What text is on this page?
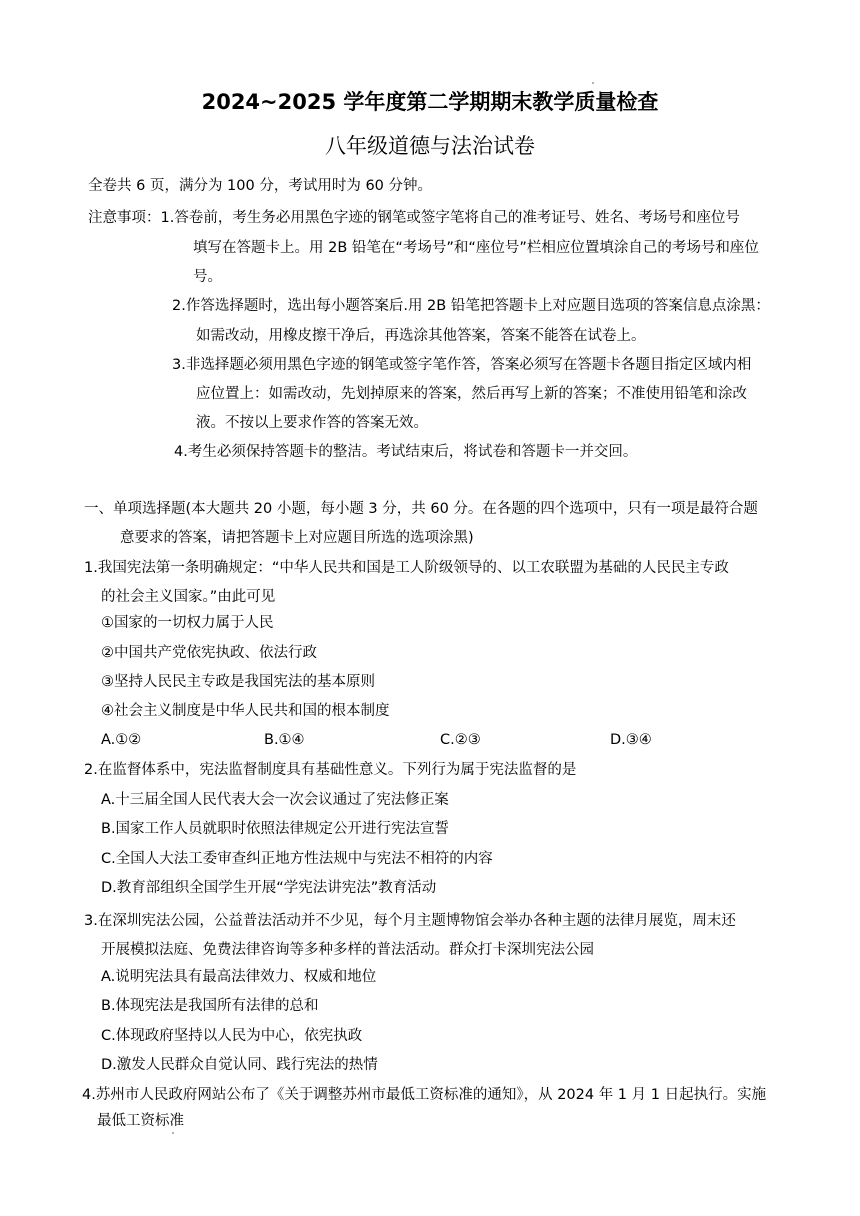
2024~2025 学年度第二学期期末教学质量检查
八年级道德与法治试卷
全卷共 6 页，满分为 100 分，考试用时为 60 分钟。
注意事项：1.答卷前，考生务必用黑色字迹的钢笔或签字笔将自己的准考证号、姓名、考场号和座位号
填写在答题卡上。用 2B 铅笔在“考场号”和“座位号”栏相应位置填涂自己的考场号和座位
号。
2.作答选择题时，选出每小题答案后.用 2B 铅笔把答题卡上对应题目选项的答案信息点涂黑：
如需改动，用橡皮擦干净后，再选涂其他答案，答案不能答在试卷上。
3.非选择题必须用黑色字迹的钢笔或签字笔作答，答案必须写在答题卡各题目指定区域内相
应位置上：如需改动，先划掉原来的答案，然后再写上新的答案；不准使用铅笔和涂改
液。不按以上要求作答的答案无效。
4.考生必须保持答题卡的整洁。考试结束后，将试卷和答题卡一并交回。
一、单项选择题(本大题共 20 小题，每小题 3 分，共 60 分。在各题的四个选项中，只有一项是最符合题
意要求的答案，请把答题卡上对应题目所选的选项涂黑)
1.我国宪法第一条明确规定：“中华人民共和国是工人阶级领导的、以工农联盟为基础的人民民主专政
的社会主义国家。”由此可见
①国家的一切权力属于人民
②中国共产党依宪执政、依法行政
③坚持人民民主专政是我国宪法的基本原则
④社会主义制度是中华人民共和国的根本制度
A.①②	B.①④	C.②③	D.③④
2.在监督体系中，宪法监督制度具有基础性意义。下列行为属于宪法监督的是
A.十三届全国人民代表大会一次会议通过了宪法修正案
B.国家工作人员就职时依照法律规定公开进行宪法宣誓
C.全国人大法工委审查纠正地方性法规中与宪法不相符的内容
D.教育部组织全国学生开展“学宪法讲宪法”教育活动
3.在深圳宪法公园，公益普法活动并不少见，每个月主题博物馆会举办各种主题的法律月展览，周末还
开展模拟法庭、免费法律咨询等多种多样的普法活动。群众打卡深圳宪法公园
A.说明宪法具有最高法律效力、权威和地位
B.体现宪法是我国所有法律的总和
C.体现政府坚持以人民为中心，依宪执政
D.激发人民群众自觉认同、践行宪法的热情
4.苏州市人民政府网站公布了《关于调整苏州市最低工资标准的通知》，从 2024 年 1 月 1 日起执行。实施
最低工资标准
